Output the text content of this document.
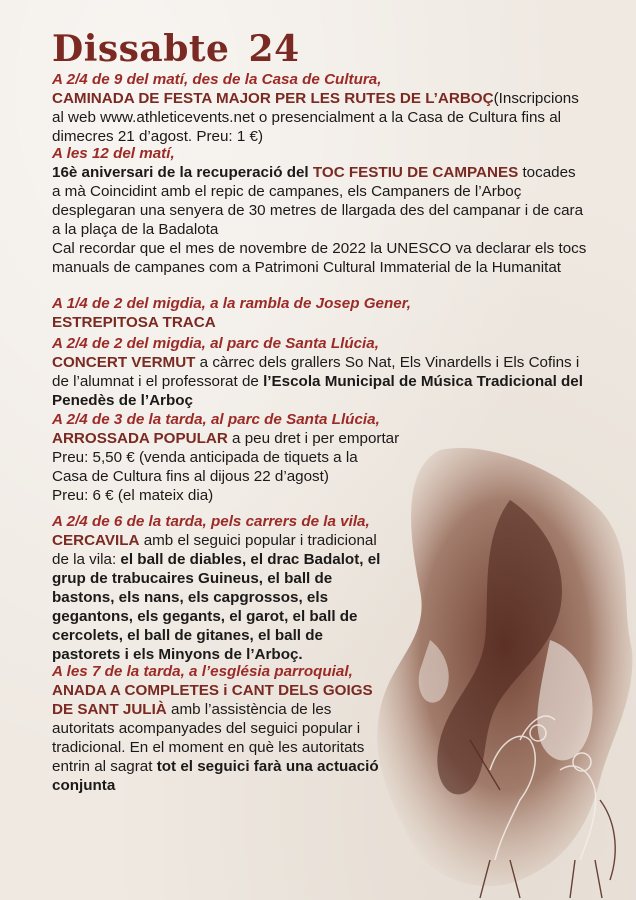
Dissabte 24
A 2/4 de 9 del matí, des de la Casa de Cultura,
CAMINADA DE FESTA MAJOR PER LES RUTES DE L’ARBOÇ(Inscripcions al web www.athleticevents.net o presencialment a la Casa de Cultura fins al dimecres 21 d’agost. Preu: 1 €)
A les 12 del matí,
16è aniversari de la recuperació del TOC FESTIU DE CAMPANES tocades a mà Coincidint amb el repic de campanes, els Campaners de l’Arboç desplegaran una senyera de 30 metres de llargada des del campanar i de cara a la plaça de la Badalota
Cal recordar que el mes de novembre de 2022 la UNESCO va declarar els tocs manuals de campanes com a Patrimoni Cultural Immaterial de la Humanitat
A 1/4 de 2 del migdia, a la rambla de Josep Gener,
ESTREPITOSA TRACA
A 2/4 de 2 del migdia, al parc de Santa Llúcia,
CONCERT VERMUT a càrrec dels grallers So Nat, Els Vinardells i Els Cofins i de l’alumnat i el professorat de l’Escola Municipal de Música Tradicional del Penedès de l’Arboç
A 2/4 de 3 de la tarda, al parc de Santa Llúcia,
ARROSSADA POPULAR a peu dret i per emportar
Preu: 5,50 € (venda anticipada de tiquets a la Casa de Cultura fins al dijous 22 d’agost)
Preu: 6 € (el mateix dia)
A 2/4 de 6 de la tarda, pels carrers de la vila,
CERCAVILA amb el seguici popular i tradicional de la vila: el ball de diables, el drac Badalot, el grup de trabucaires Guineus, el ball de bastons, els nans, els capgrossos, els gegantons, els gegants, el garot, el ball de cercolets, el ball de gitanes, el ball de pastorets i els Minyons de l’Arboç.
A les 7 de la tarda, a l’església parroquial,
ANADA A COMPLETES i CANT DELS GOIGS DE SANT JULIÀ amb l’assistència de les autoritats acompanyades del seguici popular i tradicional. En el moment en què les autoritats entrin al sagrat tot el seguici farà una actuació conjunta
